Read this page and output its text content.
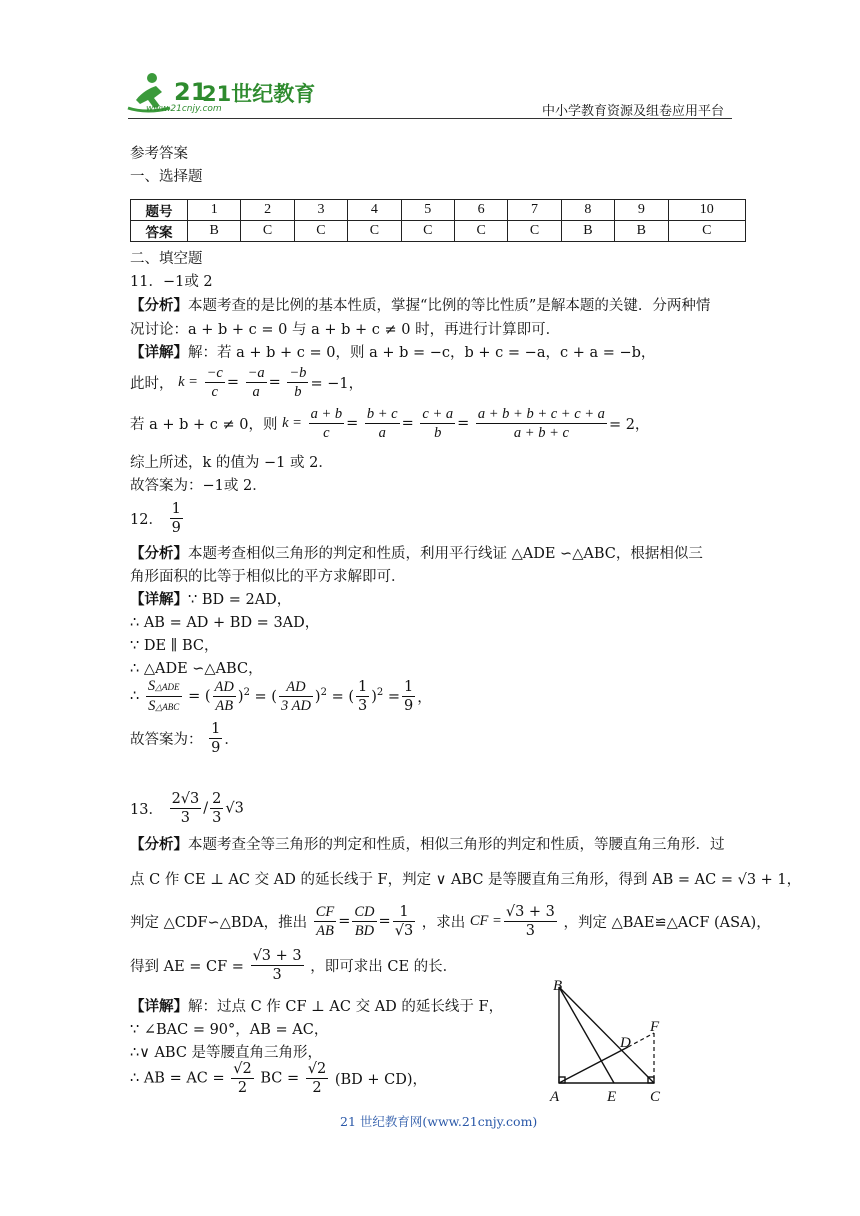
21
21世纪教育
www.21cnjy.com	中小学教育资源及组卷应用平台
参考答案
一、选择题
题号	1	2	3	4	5	6	7	8	9	10
答案	B	C	C	C	C	C	C	B	B	C
二、填空题
11．−1或 2
【分析】本题考查的是比例的基本性质，掌握“比例的等比性质”是解本题的关键．分两种情
况讨论：a + b + c = 0 与 a + b + c ≠ 0 时，再进行计算即可．
【详解】解：若 a + b + c = 0，则 a + b = −c，b + c = −a，c + a = −b，
此时， $k = \frac{-c}{c} = \frac{-a}{a} = \frac{-b}{b} = -1$，
若 a + b + c ≠ 0，则 $k = \frac{a + b}{c} = \frac{b + c}{a} = \frac{c + a}{b} = \frac{a + b + b + c + c + a}{a + b + c} = 2$，
综上所述，k 的值为 −1 或 2．
故答案为：−1或 2．
12． $\frac{1}{9}$
【分析】本题考查相似三角形的判定和性质，利用平行线证 △ADE ∽△ABC，根据相似三
角形面积的比等于相似比的平方求解即可．
【详解】∵ BD = 2AD，
∴ AB = AD + BD = 3AD，
∵ DE ∥ BC，
∴ △ADE ∽△ABC，
∴ $\frac{\text{S△ADE}}{\text{S△ABC}}$ = ( $\frac{AD}{AB} )^2$ = ( $\frac{AD}{3 AD} )^2$ = ( $\frac{1}{3} )^2 = \frac{1}{9}$ ，
故答案为： $\frac{1}{9}$ ．
13． $\frac{2√3}{3} / \frac{2}{3} √3$
【分析】本题考查全等三角形的判定和性质，相似三角形的判定和性质，等腰直角三角形．过
点 C 作 CE ⊥ AC 交 AD 的延长线于 F，判定 ∨ ABC 是等腰直角三角形，得到 AB = AC = √3 + 1，
判定 △CDF∽△BDA，推出 $\frac{CF}{AB} = \frac{CD}{BD} = \frac{1}{√3}$ ，求出 CF = $\frac{√3 + 3}{3}$ ，判定 △BAE≌△ACF (ASA)，
得到 AE = CF = $\frac{√3 + 3}{3}$ ，即可求出 CE 的长．
【详解】解：过点 C 作 CF ⊥ AC 交 AD 的延长线于 F，
∵ ∠BAC = 90°，AB = AC，
∴∨ ABC 是等腰直角三角形，
∴ AB = AC = $\frac{√2}{2}$ BC = $\frac{√2}{2} (BD + CD)$，
B
D
F
A	E C
21 世纪教育网(www.21cnjy.com)
